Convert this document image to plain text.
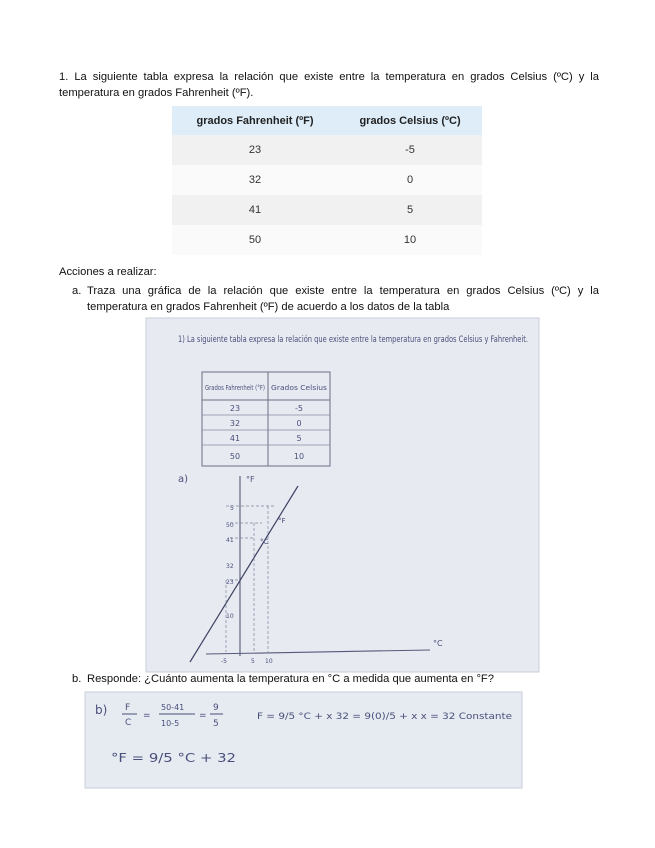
1. La siguiente tabla expresa la relación que existe entre la temperatura en grados Celsius (ºC) y la temperatura en grados Fahrenheit (ºF).

grados Fahrenheit (ºF)	grados Celsius (ºC)
23	-5
32	0
41	5
50	10
Acciones a realizar:
a. Traza una gráfica de la relación que existe entre la temperatura en grados Celsius (ºC) y la temperatura en grados Fahrenheit (ºF) de acuerdo a los datos de la tabla
1) La siguiente tabla expresa la relación que existe entre la temperatura en grados Celsius y Fahrenheit.
Grados Fahrenheit (°F) Grados Celsius
23	-5
32	0
41	5
50	10
a)	°F
°C
5
50
41
32
23
10
-5	5 10
°F
°C
b. Responde: ¿Cuánto aumenta la temperatura en °C a medida que aumenta en °F?
b) F
C
=
50-41
10-5
=
9
5
F = 9/5 °C + x 32 = 9(0)/5 + x x = 32 Constante
°F = 9/5 °C + 32
